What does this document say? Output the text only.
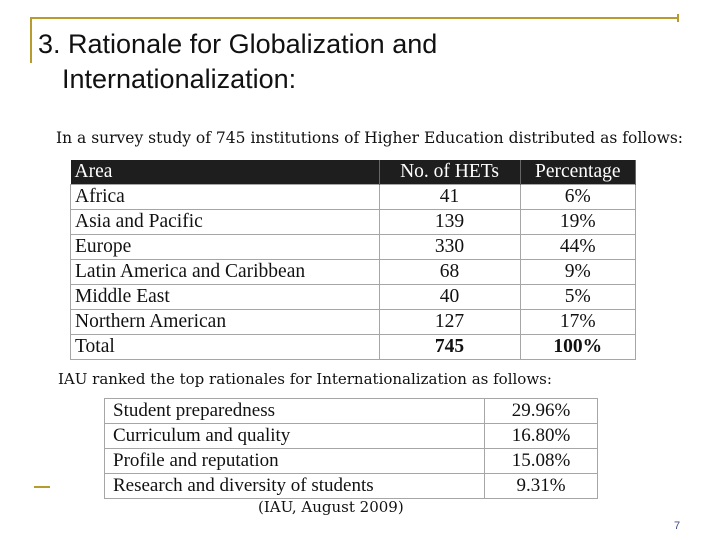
3. Rationale for Globalization and
Internationalization:
In a survey study of 745 institutions of Higher Education distributed as follows:
Area	No. of HETs	Percentage
Africa	41	6%
Asia and Pacific	139	19%
Europe	330	44%
Latin America and Caribbean	68	9%
Middle East	40	5%
Northern American	127	17%
Total	745	100%
IAU ranked the top rationales for Internationalization as follows:
Student preparedness	29.96%
Curriculum and quality	16.80%
Profile and reputation	15.08%
Research and diversity of students	9.31%
(IAU, August 2009)
7
